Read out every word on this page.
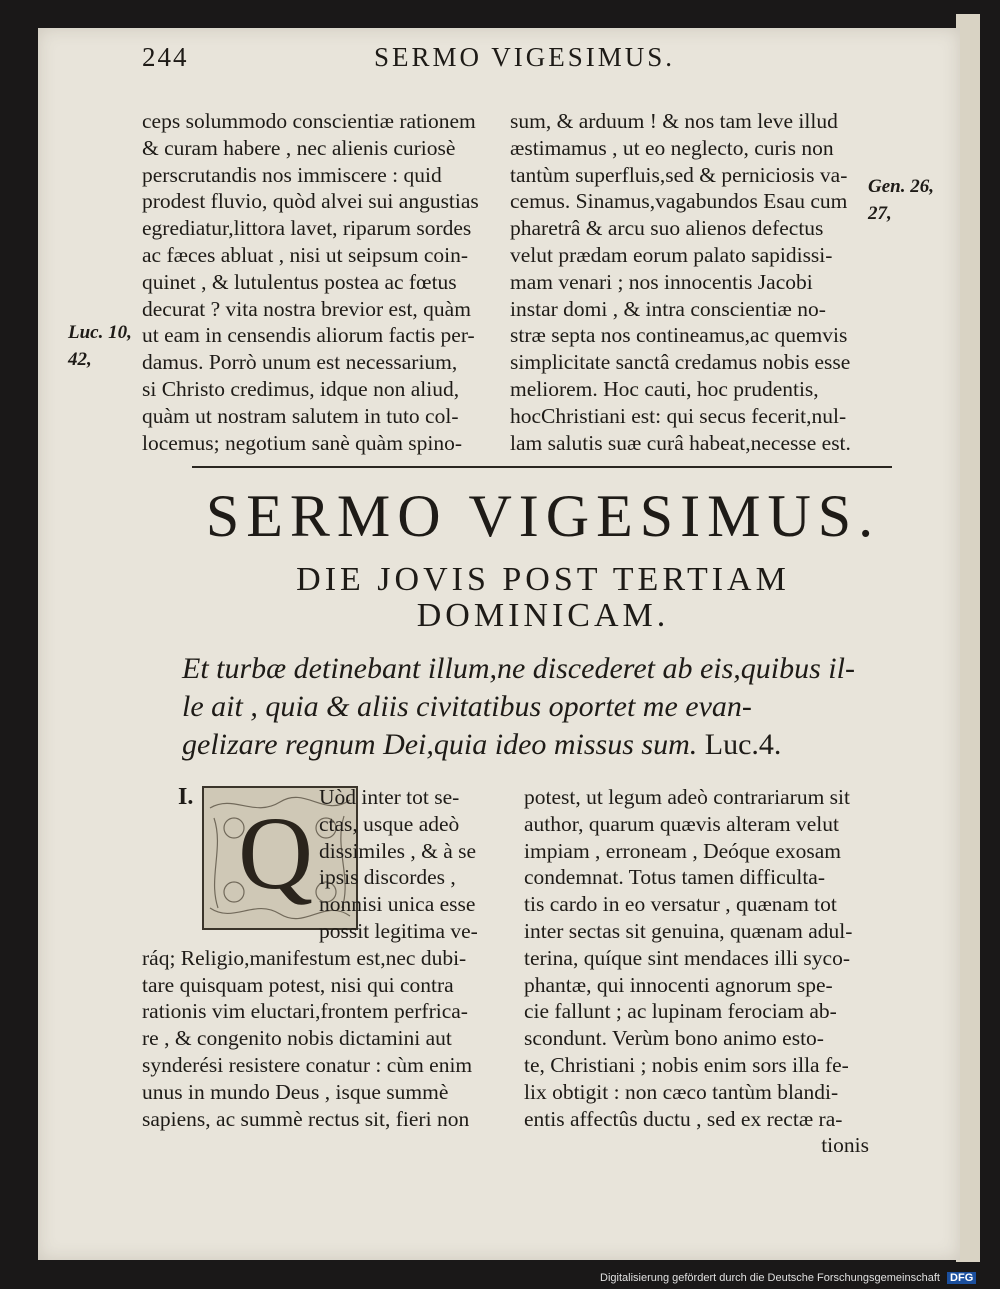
244	SERMO VIGESIMUS.
ceps solummodo conscientiæ rationem
& curam habere , nec alienis curiosè
perscrutandis nos immiscere : quid
prodest fluvio, quòd alvei sui angustias
egrediatur,littora lavet, riparum sordes
ac fæces abluat , nisi ut seipsum coin-
quinet , & lutulentus postea ac fœtus
decurat ? vita nostra brevior est, quàm
ut eam in censendis aliorum factis per-
damus. Porrò unum est necessarium,
si Christo credimus, idque non aliud,
quàm ut nostram salutem in tuto col-
locemus; negotium sanè quàm spino-
sum, & arduum ! & nos tam leve illud
æstimamus , ut eo neglecto, curis non
tantùm superfluis,sed & perniciosis va-
cemus. Sinamus,vagabundos Esau cum
pharetrâ & arcu suo alienos defectus
velut prædam eorum palato sapidissi-
mam venari ; nos innocentis Jacobi
instar domi , & intra conscientiæ no-
stræ septa nos contineamus,ac quemvis
simplicitate sanctâ credamus nobis esse
meliorem. Hoc cauti, hoc prudentis,
hocChristiani est: qui secus fecerit,nul-
lam salutis suæ curâ habeat,necesse est.
Luc. 10,
42,
Gen. 26,
27,
SERMO VIGESIMUS.
DIE JOVIS POST TERTIAM
DOMINICAM.
Et turbæ detinebant illum,ne discederet ab eis,quibus il-
le ait , quia & aliis civitatibus oportet me evan-
gelizare regnum Dei,quia ideo missus sum. Luc.4.
I. Q Uòd inter tot se-
ctas, usque adeò
dissimiles , & à se
ipsis discordes ,
nonnisi unica esse
possit legitima ve-
ráq; Religio,manifestum est,nec dubi-
tare quisquam potest, nisi qui contra
rationis vim eluctari,frontem perfrica-
re , & congenito nobis dictamini aut
synderési resistere conatur : cùm enim
unus in mundo Deus , isque summè
sapiens, ac summè rectus sit, fieri non
potest, ut legum adeò contrariarum sit
author, quarum quævis alteram velut
impiam , erroneam , Deóque exosam
condemnat. Totus tamen difficulta-
tis cardo in eo versatur , quænam tot
inter sectas sit genuina, quænam adul-
terina, quíque sint mendaces illi syco-
phantæ, qui innocenti agnorum spe-
cie fallunt ; ac lupinam ferociam ab-
scondunt. Verùm bono animo esto-
te, Christiani ; nobis enim sors illa fe-
lix obtigit : non cæco tantùm blandi-
entis affectûs ductu , sed ex rectæ ra-
tionis
Digitalisierung gefördert durch die Deutsche Forschungsgemeinschaft DFG
